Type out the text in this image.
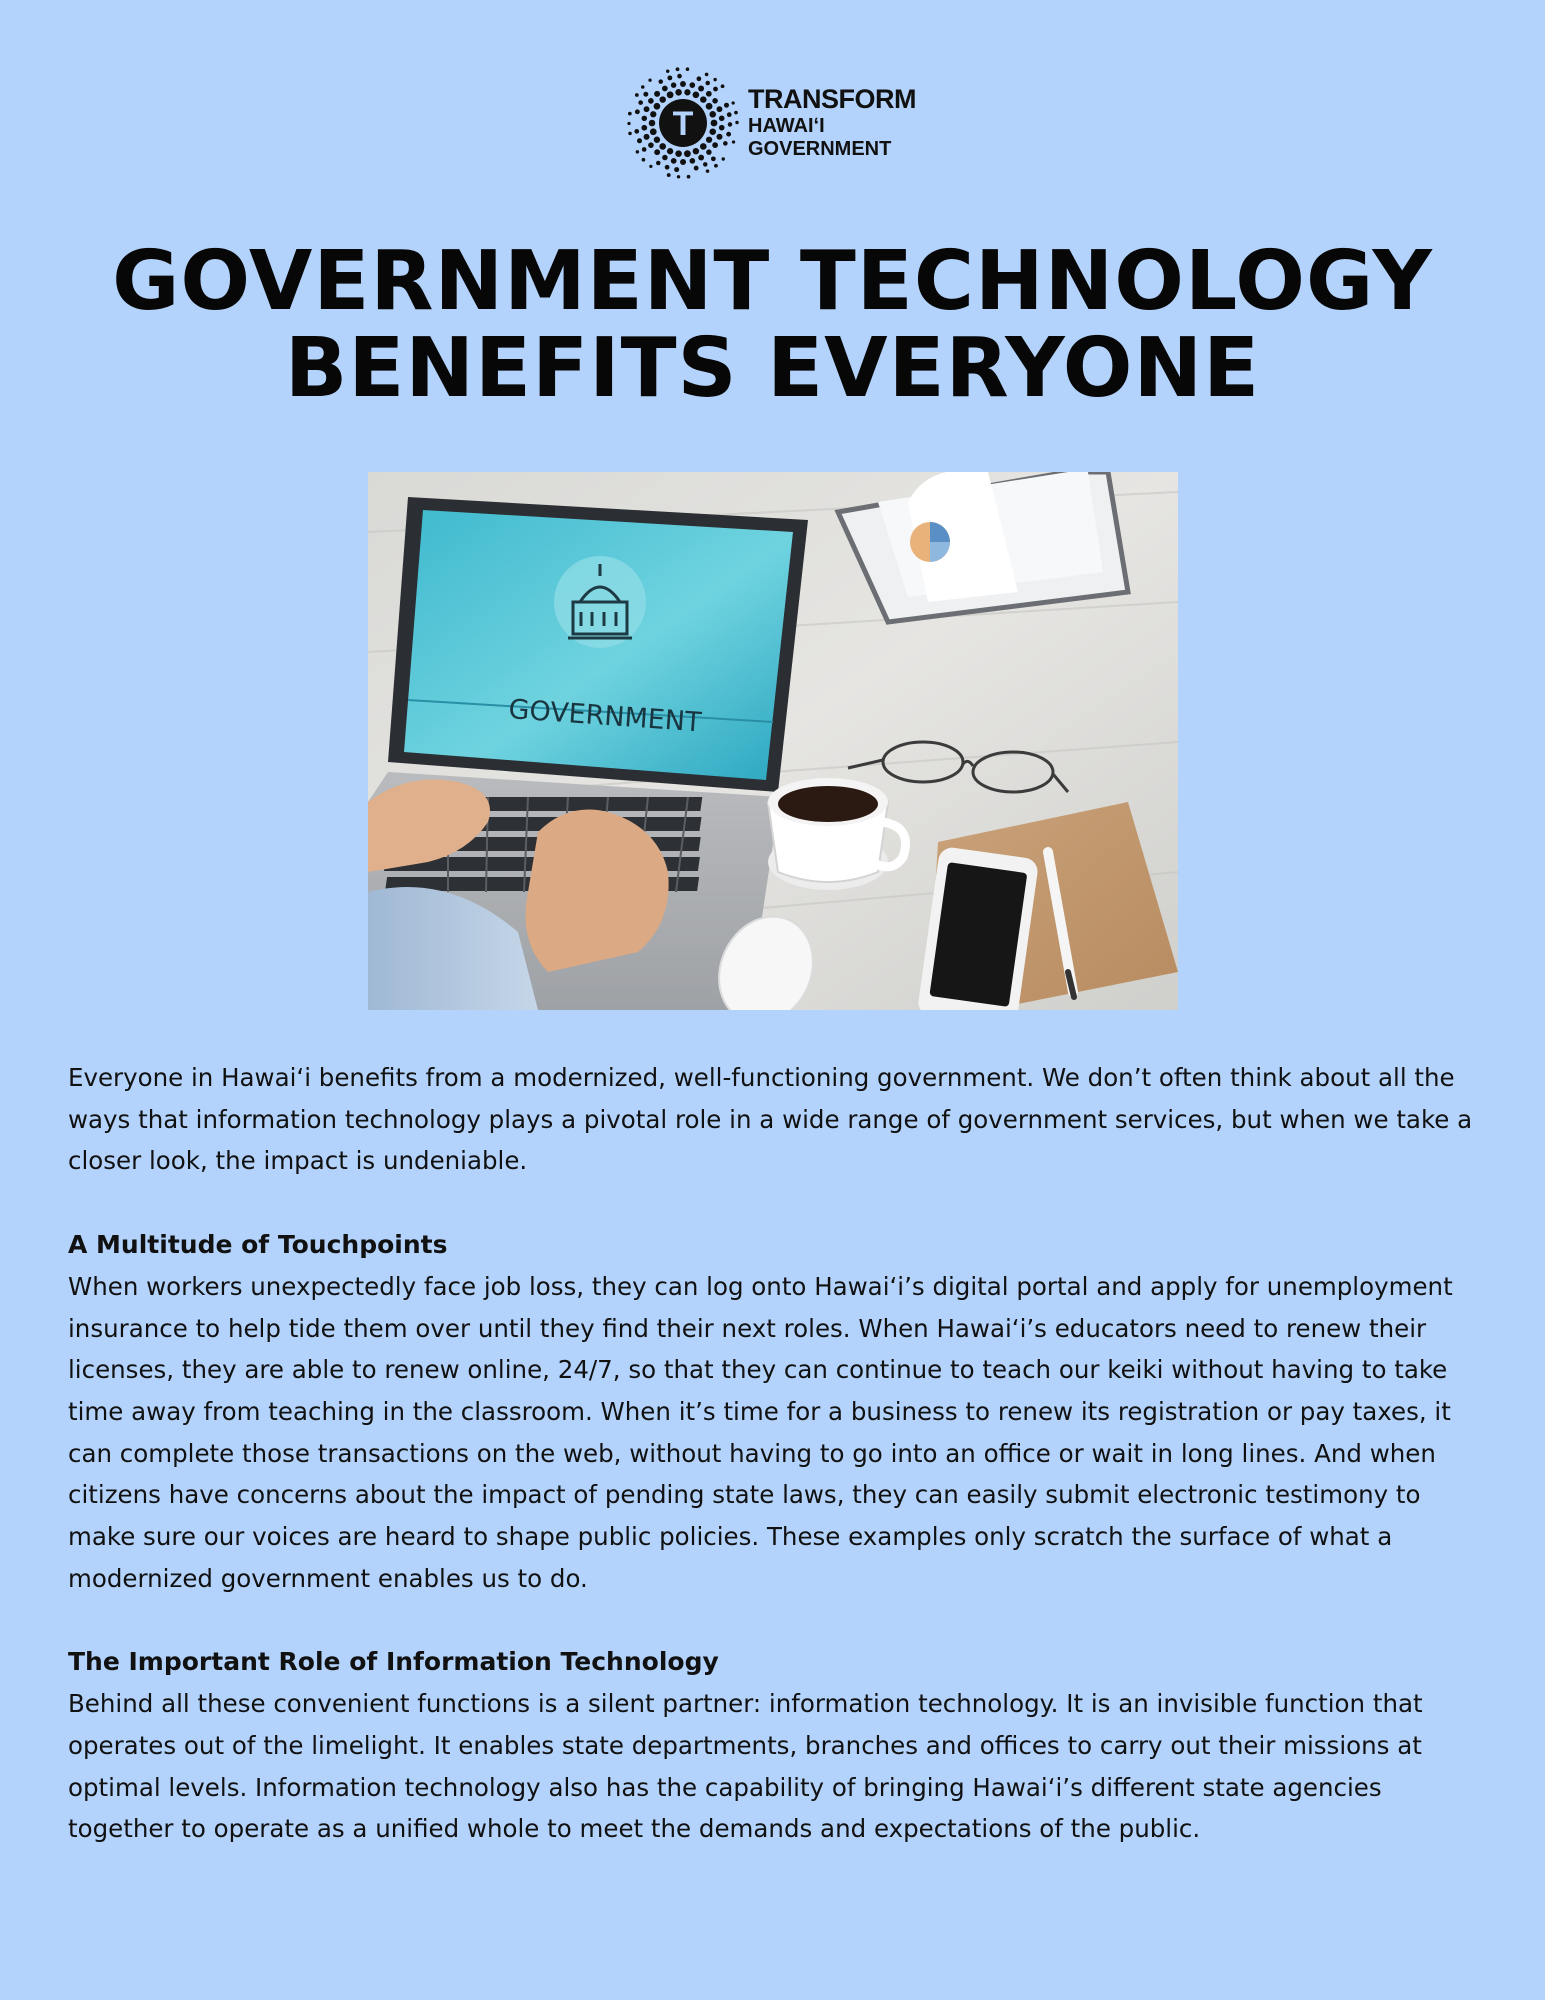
T
TRANSFORM
HAWAIʻI
GOVERNMENT
GOVERNMENT TECHNOLOGY
BENEFITS EVERYONE
GOVERNMENT

Everyone in Hawaiʻi benefits from a modernized, well-functioning government. We don’t often think about all the ways that information technology plays a pivotal role in a wide range of government services, but when we take a closer look, the impact is undeniable.

A Multitude of Touchpoints

When workers unexpectedly face job loss, they can log onto Hawaiʻi’s digital portal and apply for unemployment insurance to help tide them over until they find their next roles. When Hawaiʻi’s educators need to renew their licenses, they are able to renew online, 24/7, so that they can continue to teach our keiki without having to take time away from teaching in the classroom. When it’s time for a business to renew its registration or pay taxes, it can complete those transactions on the web, without having to go into an office or wait in long lines. And when citizens have concerns about the impact of pending state laws, they can easily submit electronic testimony to make sure our voices are heard to shape public policies. These examples only scratch the surface of what a modernized government enables us to do.

The Important Role of Information Technology

Behind all these convenient functions is a silent partner: information technology. It is an invisible function that operates out of the limelight. It enables state departments, branches and offices to carry out their missions at optimal levels. Information technology also has the capability of bringing Hawaiʻi’s different state agencies together to operate as a unified whole to meet the demands and expectations of the public.
